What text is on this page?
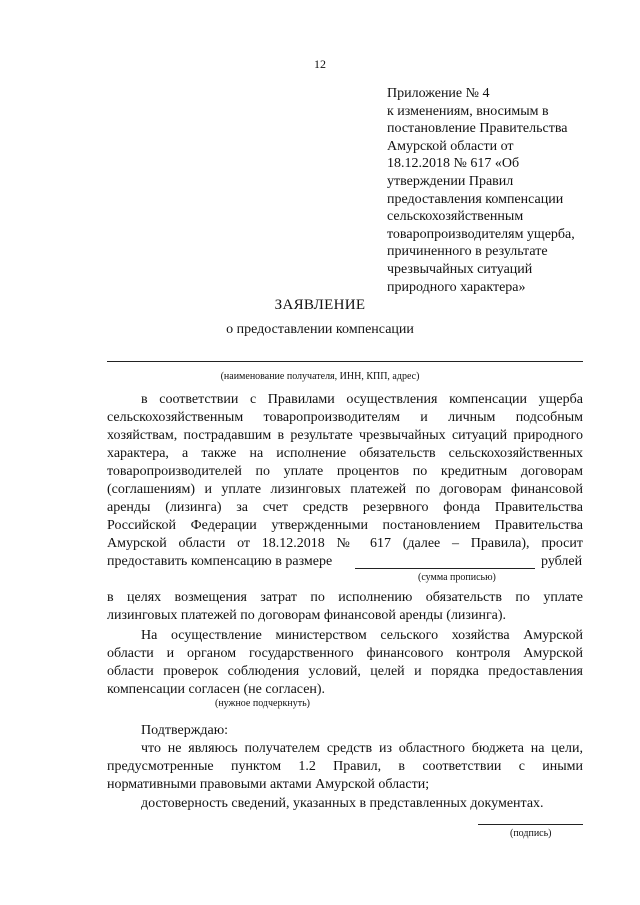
12
Приложение № 4
к изменениям, вносимым в
постановление Правительства
Амурской области от
18.12.2018 № 617 «Об
утверждении Правил
предоставления компенсации
сельскохозяйственным
товаропроизводителям ущерба,
причиненного в результате
чрезвычайных ситуаций
природного характера»
ЗАЯВЛЕНИЕ
о предоставлении компенсации
(наименование получателя, ИНН, КПП, адрес)
в соответствии с Правилами осуществления компенсации ущерба
сельскохозяйственным товаропроизводителям и личным подсобным
хозяйствам, пострадавшим в результате чрезвычайных ситуаций природного
характера, а также на исполнение обязательств сельскохозяйственных
товаропроизводителей по уплате процентов по кредитным договорам
(соглашениям) и уплате лизинговых платежей по договорам финансовой
аренды (лизинга) за счет средств резервного фонда Правительства
Российской Федерации утвержденными постановлением Правительства
Амурской области от 18.12.2018 № 617 (далее – Правила), просит
предоставить компенсацию в размере	рублей
(сумма прописью)
в целях возмещения затрат по исполнению обязательств по уплате
лизинговых платежей по договорам финансовой аренды (лизинга).
На осуществление министерством сельского хозяйства Амурской
области и органом государственного финансового контроля Амурской
области проверок соблюдения условий, целей и порядка предоставления
компенсации согласен (не согласен).
(нужное подчеркнуть)
Подтверждаю:
что не являюсь получателем средств из областного бюджета на цели,
предусмотренные пунктом 1.2 Правил, в соответствии с иными
нормативными правовыми актами Амурской области;
достоверность сведений, указанных в представленных документах.
(подпись)
